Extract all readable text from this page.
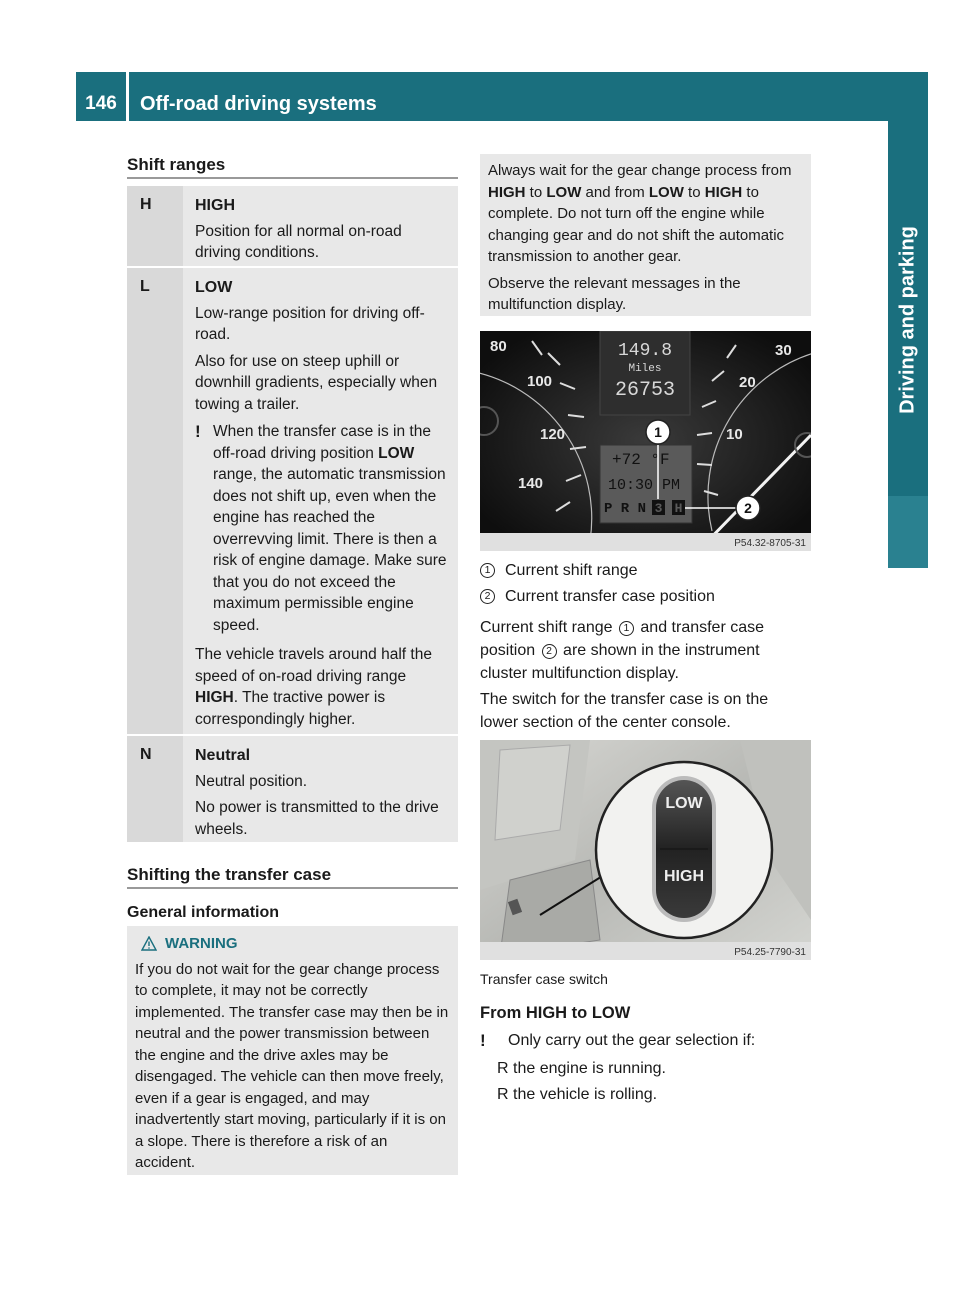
146	Off-road driving systems
Driving and parking
Shift ranges
H	HIGH

Position for all normal on-road driving conditions.

L	LOW

Low-range position for driving off-road.

Also for use on steep uphill or downhill gradients, especially when towing a trailer.

! When the transfer case is in the off-road driving position LOW range, the automatic transmission does not shift up, even when the engine has reached the overrevving limit. There is then a risk of engine damage. Make sure that you do not exceed the maximum permissible engine speed.

The vehicle travels around half the speed of on-road driving range HIGH. The tractive power is correspondingly higher.

N	Neutral

Neutral position.

No power is transmitted to the drive wheels.

Shifting the transfer case
General information
WARNING
If you do not wait for the gear change process to complete, it may not be correctly implemented. The transfer case may then be in neutral and the power transmission between the engine and the drive axles may be disengaged. The vehicle can then move freely, even if a gear is engaged, and may inadvertently start moving, particularly if it is on a slope. There is therefore a risk of an accident.

Always wait for the gear change process from HIGH to LOW and from LOW to HIGH to complete. Do not turn off the engine while changing gear and do not shift the automatic transmission to another gear.

Observe the relevant messages in the multifunction display.

80
100
120
140
30
20
10
149.8
Miles
26753
+72 °F
10:30 PM
P R N 3 H
1
2
P54.32-8705-31
1 Current shift range
2 Current transfer case position
Current shift range 1 and transfer case position 2 are shown in the instrument cluster multifunction display.
The switch for the transfer case is on the lower section of the center console.
LOW
HIGH
P54.25-7790-31
Transfer case switch
From HIGH to LOW
!	Only carry out the gear selection if:
R the engine is running.
R the vehicle is rolling.
